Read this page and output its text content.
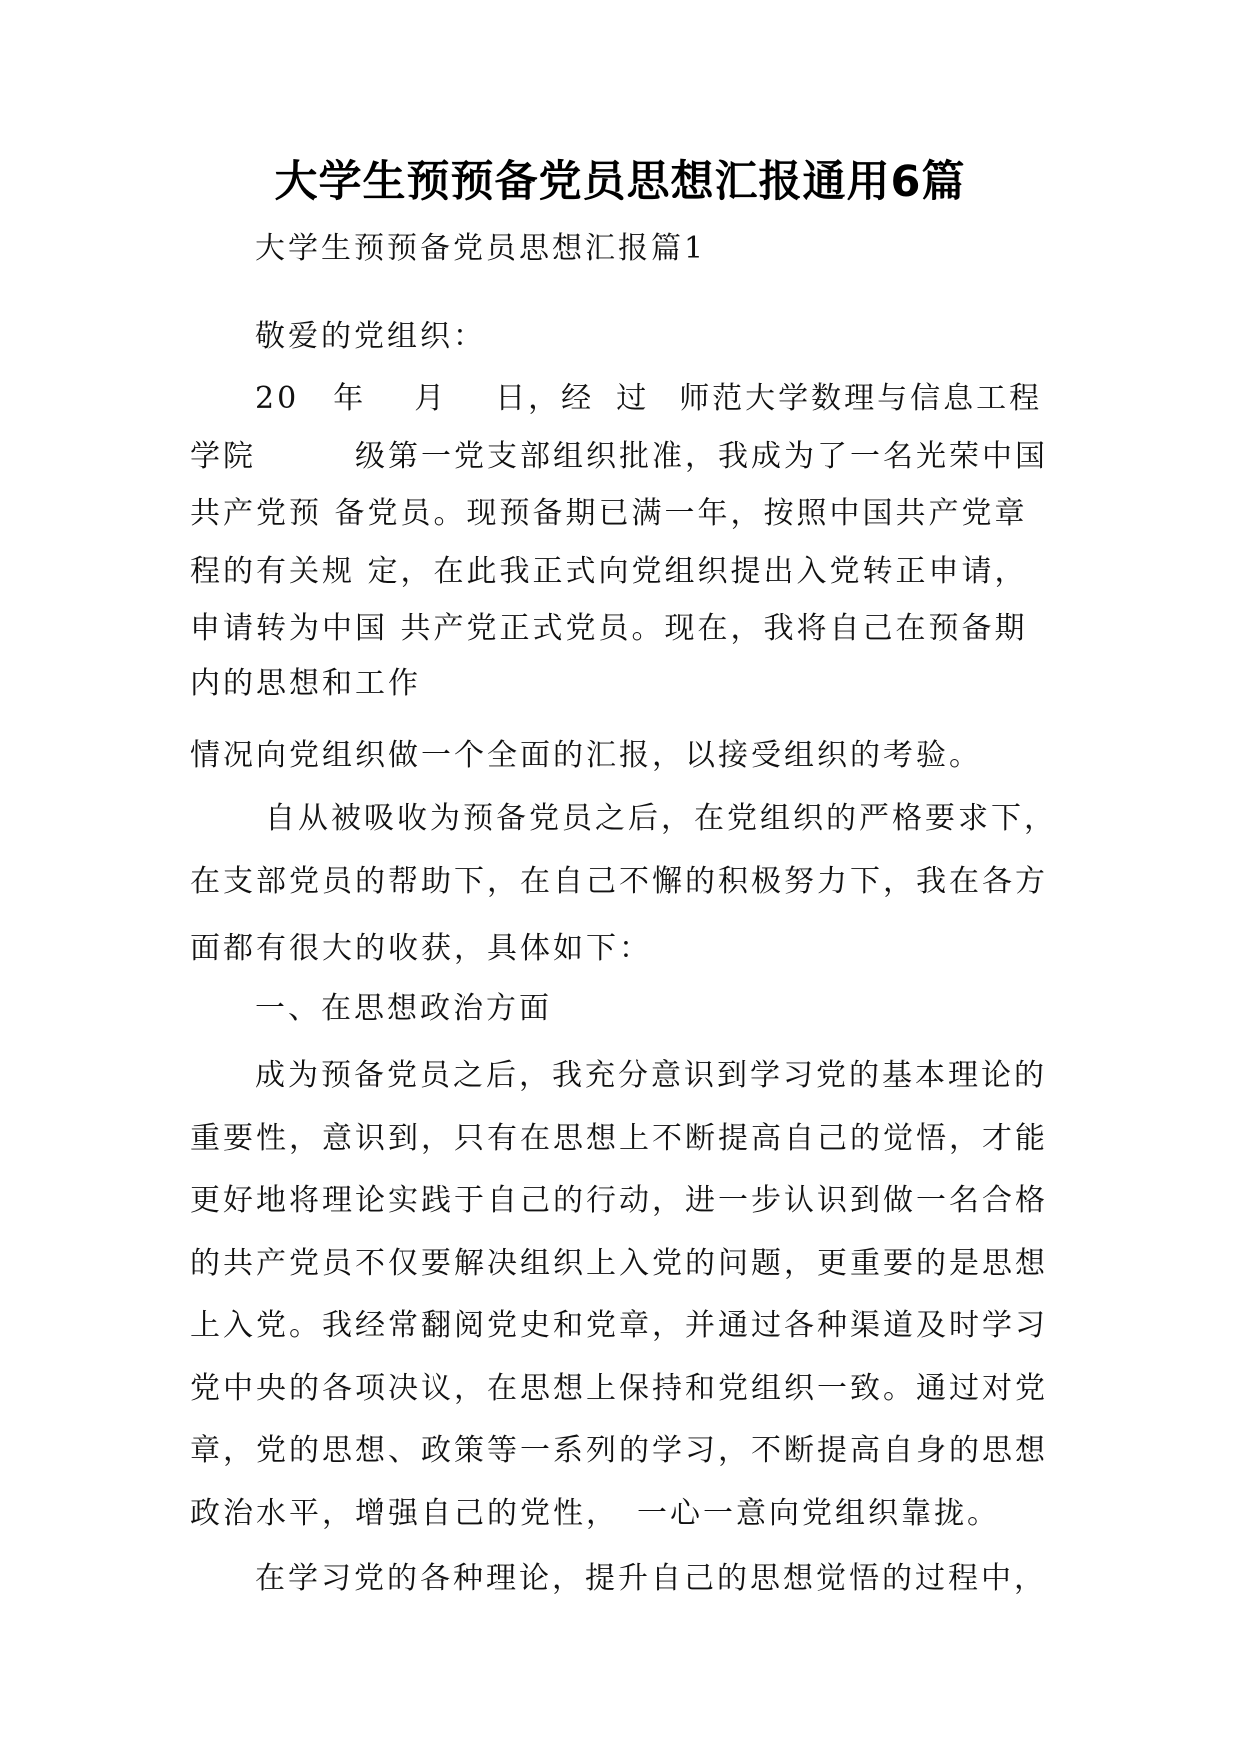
大学生预预备党员思想汇报通用6篇
大学生预预备党员思想汇报篇1
敬爱的党组织：
20 年 月 日，经 过 师范大学数理与信息工程
学院　　　级第一党支部组织批准，我成为了一名光荣中国
共产党预 备党员。现预备期已满一年，按照中国共产党章
程的有关规 定，在此我正式向党组织提出入党转正申请，
申请转为中国 共产党正式党员。现在，我将自己在预备期
内的思想和工作
情况向党组织做一个全面的汇报，以接受组织的考验。
自从被吸收为预备党员之后，在党组织的严格要求下，
在支部党员的帮助下，在自己不懈的积极努力下，我在各方
面都有很大的收获，具体如下：
一、在思想政治方面
成为预备党员之后，我充分意识到学习党的基本理论的
重要性，意识到，只有在思想上不断提高自己的觉悟，才能
更好地将理论实践于自己的行动，进一步认识到做一名合格
的共产党员不仅要解决组织上入党的问题，更重要的是思想
上入党。我经常翻阅党史和党章，并通过各种渠道及时学习
党中央的各项决议，在思想上保持和党组织一致。通过对党
章，党的思想、政策等一系列的学习，不断提高自身的思想
政治水平，增强自己的党性，　一心一意向党组织靠拢。
在学习党的各种理论，提升自己的思想觉悟的过程中，
